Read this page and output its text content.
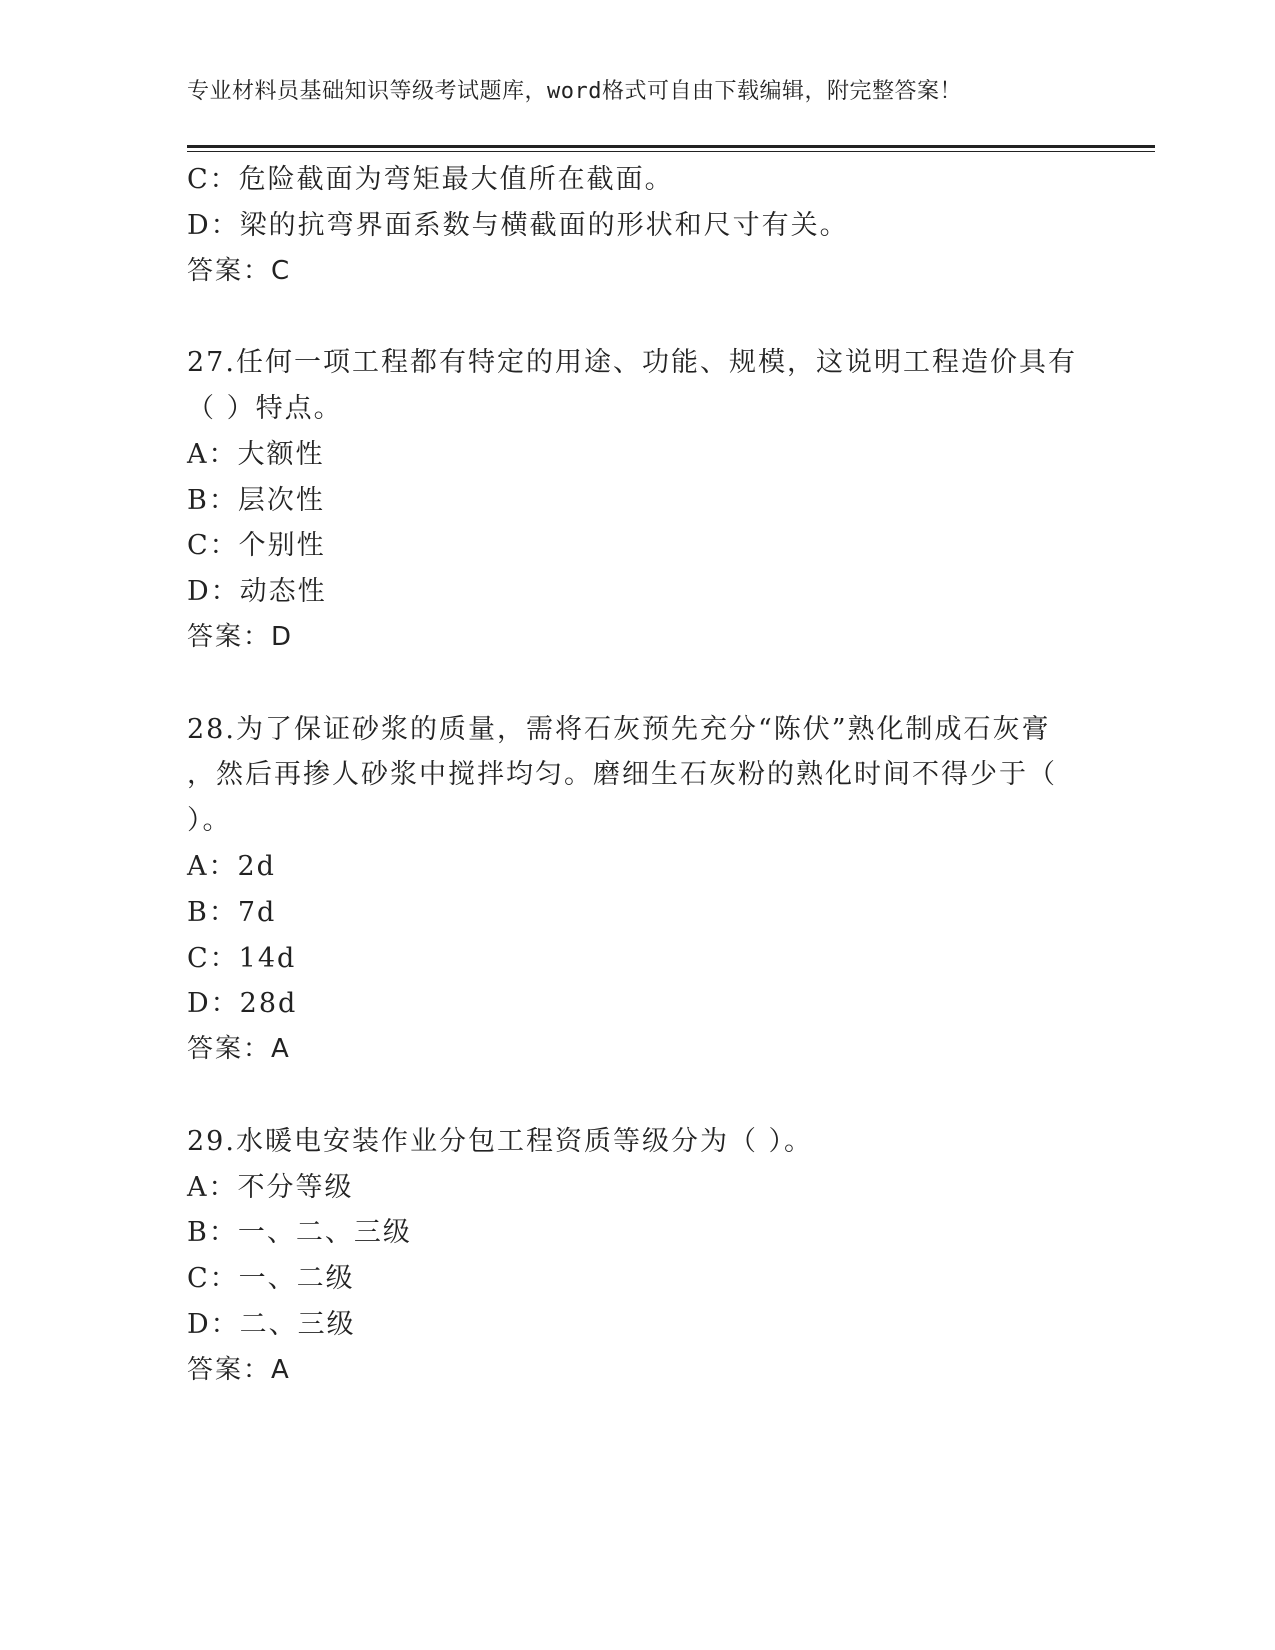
专业材料员基础知识等级考试题库，word格式可自由下载编辑，附完整答案！
C：危险截面为弯矩最大值所在截面。
D：梁的抗弯界面系数与横截面的形状和尺寸有关。
答案：C
27.任何一项工程都有特定的用途、功能、规模，这说明工程造价具有
（ ）特点。
A：大额性
B：层次性
C：个别性
D：动态性
答案：D
28.为了保证砂浆的质量，需将石灰预先充分“陈伏”熟化制成石灰膏
，然后再掺人砂浆中搅拌均匀。磨细生石灰粉的熟化时间不得少于（
）。
A：2d
B：7d
C：14d
D：28d
答案：A
29.水暖电安装作业分包工程资质等级分为（ ）。
A：不分等级
B：一、二、三级
C：一、二级
D：二、三级
答案：A
